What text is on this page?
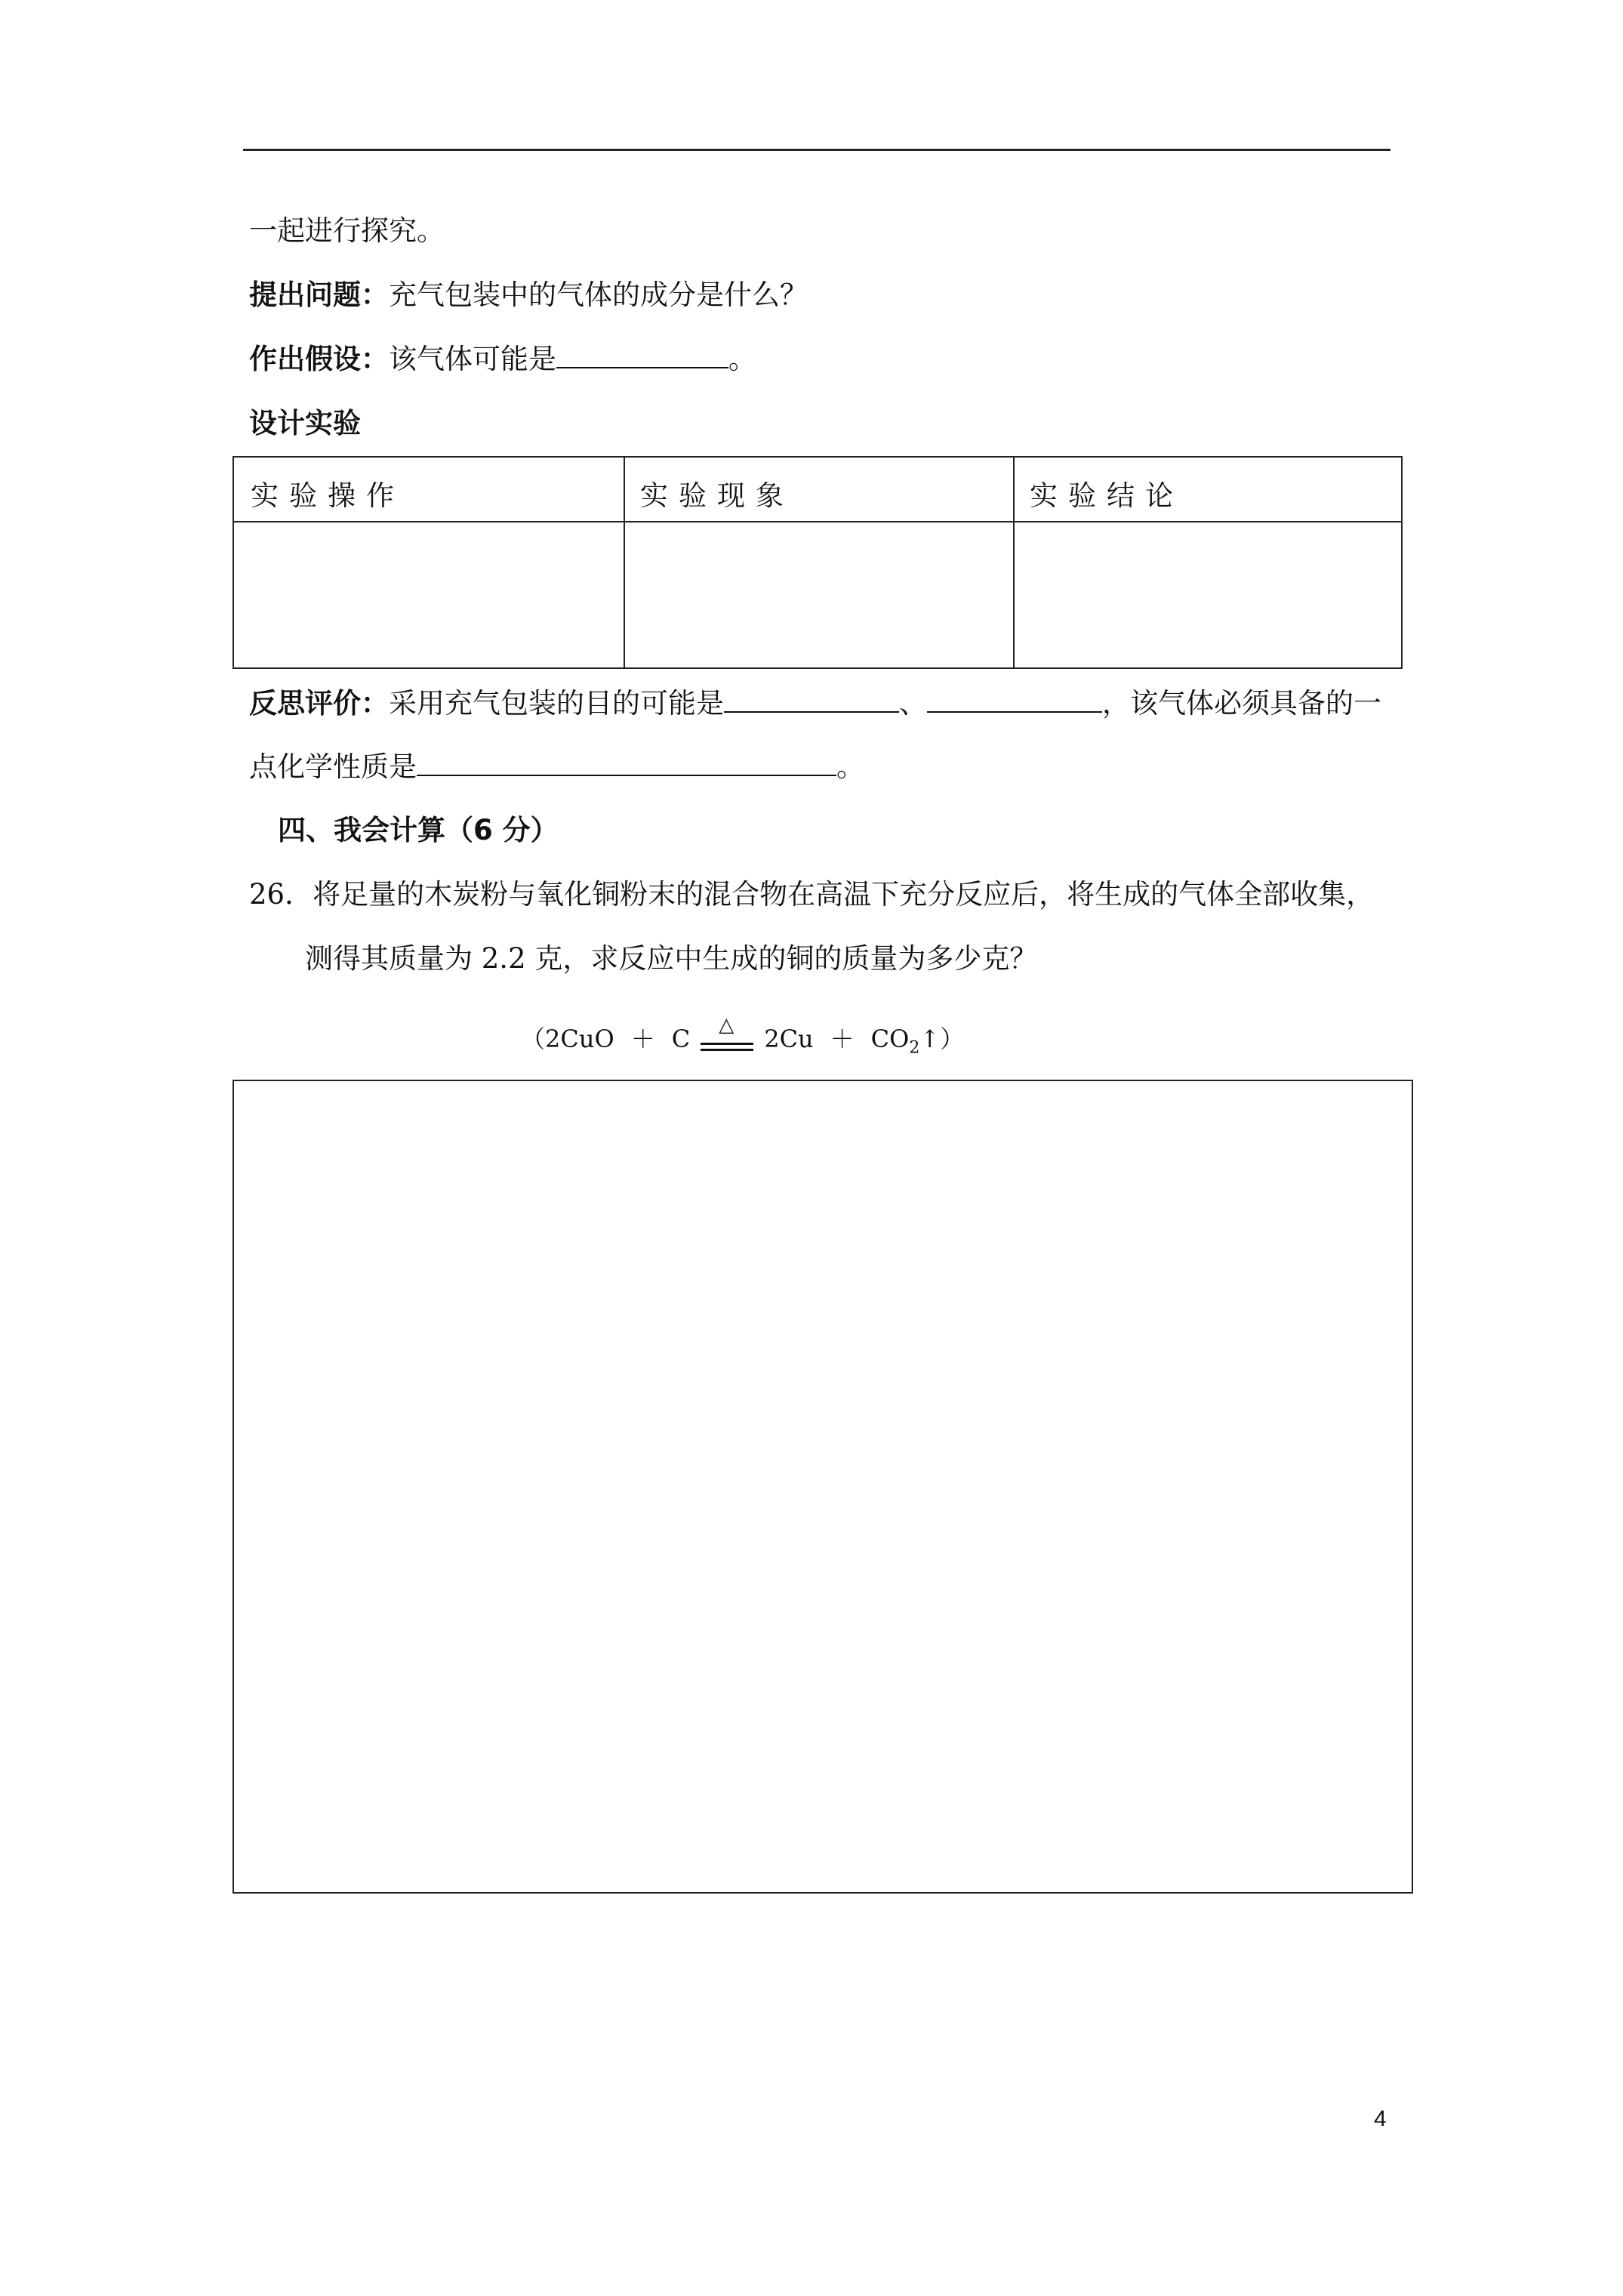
一起进行探究。
提出问题：充气包装中的气体的成分是什么？
作出假设：该气体可能是	。
设计实验
实验操作	实验现象	实验结论
反思评价：采用充气包装的目的可能是	、	，该气体必须具备的一
点化学性质是	。
四、我会计算（6 分）
26．将足量的木炭粉与氧化铜粉末的混合物在高温下充分反应后，将生成的气体全部收集，
测得其质量为 2.2 克，求反应中生成的铜的质量为多少克？
（2CuO ＋ C △ $2Cu + CO_2↑$）
4
